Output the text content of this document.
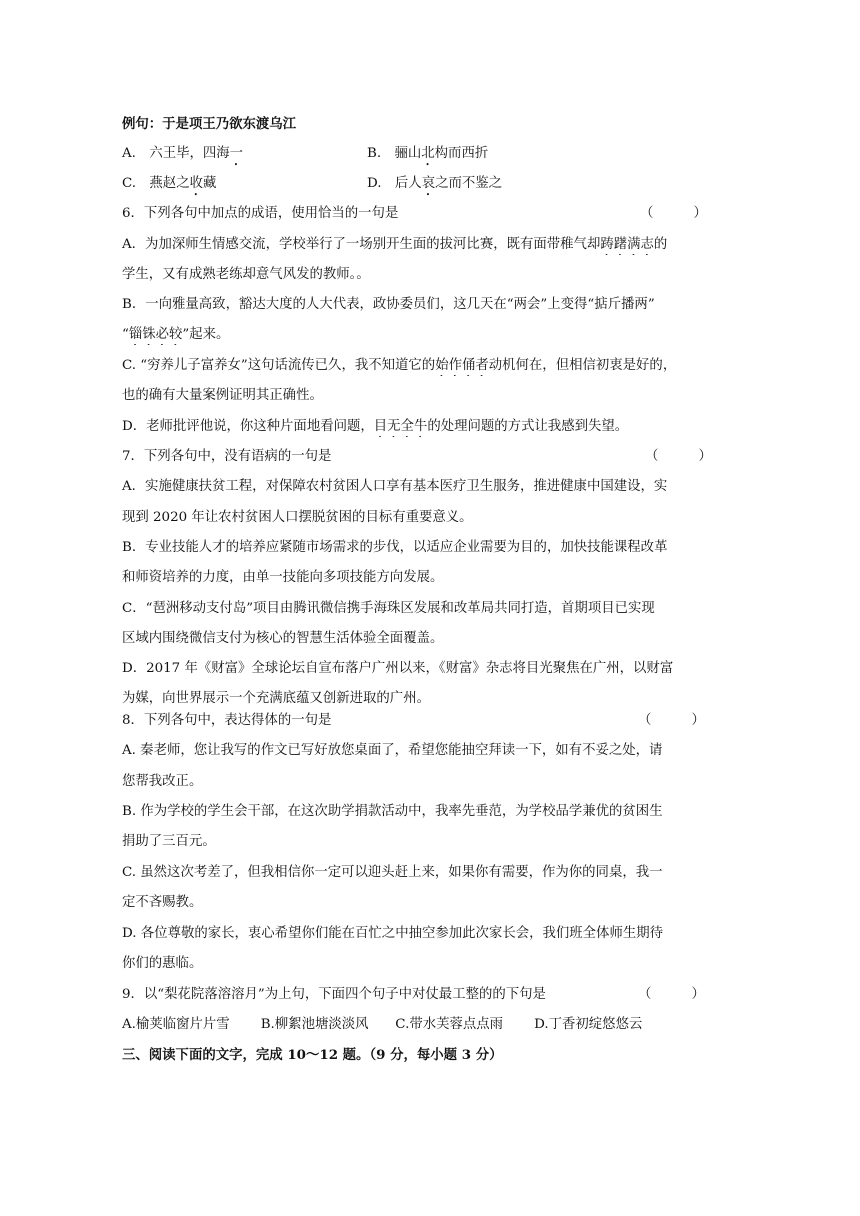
例句：于是项王乃欲东渡乌江
A.　六王毕，四海一	B.　骊山北构而西折
C.　燕赵之收藏	D.　后人哀之而不鉴之
6．下列各句中加点的成语，使用恰当的一句是	（　　　）
A．为加深师生情感交流，学校举行了一场别开生面的拔河比赛，既有面带稚气却踌躇满志的
学生，又有成熟老练却意气风发的教师。。
B．一向雅量高致，豁达大度的人大代表，政协委员们，这几天在“两会”上变得“掂斤播两”
“锱铢必较”起来。
C. “穷养儿子富养女”这句话流传已久，我不知道它的始作俑者动机何在，但相信初衷是好的，
也的确有大量案例证明其正确性。
D．老师批评他说，你这种片面地看问题，目无全牛的处理问题的方式让我感到失望。
7．下列各句中，没有语病的一句是	（　　　）
A．实施健康扶贫工程，对保障农村贫困人口享有基本医疗卫生服务，推进健康中国建设，实
现到 2020 年让农村贫困人口摆脱贫困的目标有重要意义。
B．专业技能人才的培养应紧随市场需求的步伐，以适应企业需要为目的，加快技能课程改革
和师资培养的力度，由单一技能向多项技能方向发展。
C．“琶洲移动支付岛”项目由腾讯微信携手海珠区发展和改革局共同打造，首期项目已实现
区域内围绕微信支付为核心的智慧生活体验全面覆盖。
D．2017 年《财富》全球论坛自宣布落户广州以来，《财富》杂志将目光聚焦在广州，以财富
为媒，向世界展示一个充满底蕴又创新进取的广州。
8．下列各句中，表达得体的一句是	（　　　）
A. 秦老师，您让我写的作文已写好放您桌面了，希望您能抽空拜读一下，如有不妥之处，请
您帮我改正。
B. 作为学校的学生会干部，在这次助学捐款活动中，我率先垂范，为学校品学兼优的贫困生
捐助了三百元。
C. 虽然这次考差了，但我相信你一定可以迎头赶上来，如果你有需要，作为你的同桌，我一
定不吝赐教。
D. 各位尊敬的家长，衷心希望你们能在百忙之中抽空参加此次家长会，我们班全体师生期待
你们的惠临。
9．以“梨花院落溶溶月”为上句，下面四个句子中对仗最工整的的下句是	（　　　）
A.榆荚临窗片片雪　　 B.柳絮池塘淡淡风　　C.带水芙蓉点点雨　　 D.丁香初绽悠悠云
三、阅读下面的文字，完成 10～12 题。（9 分，每小题 3 分）
